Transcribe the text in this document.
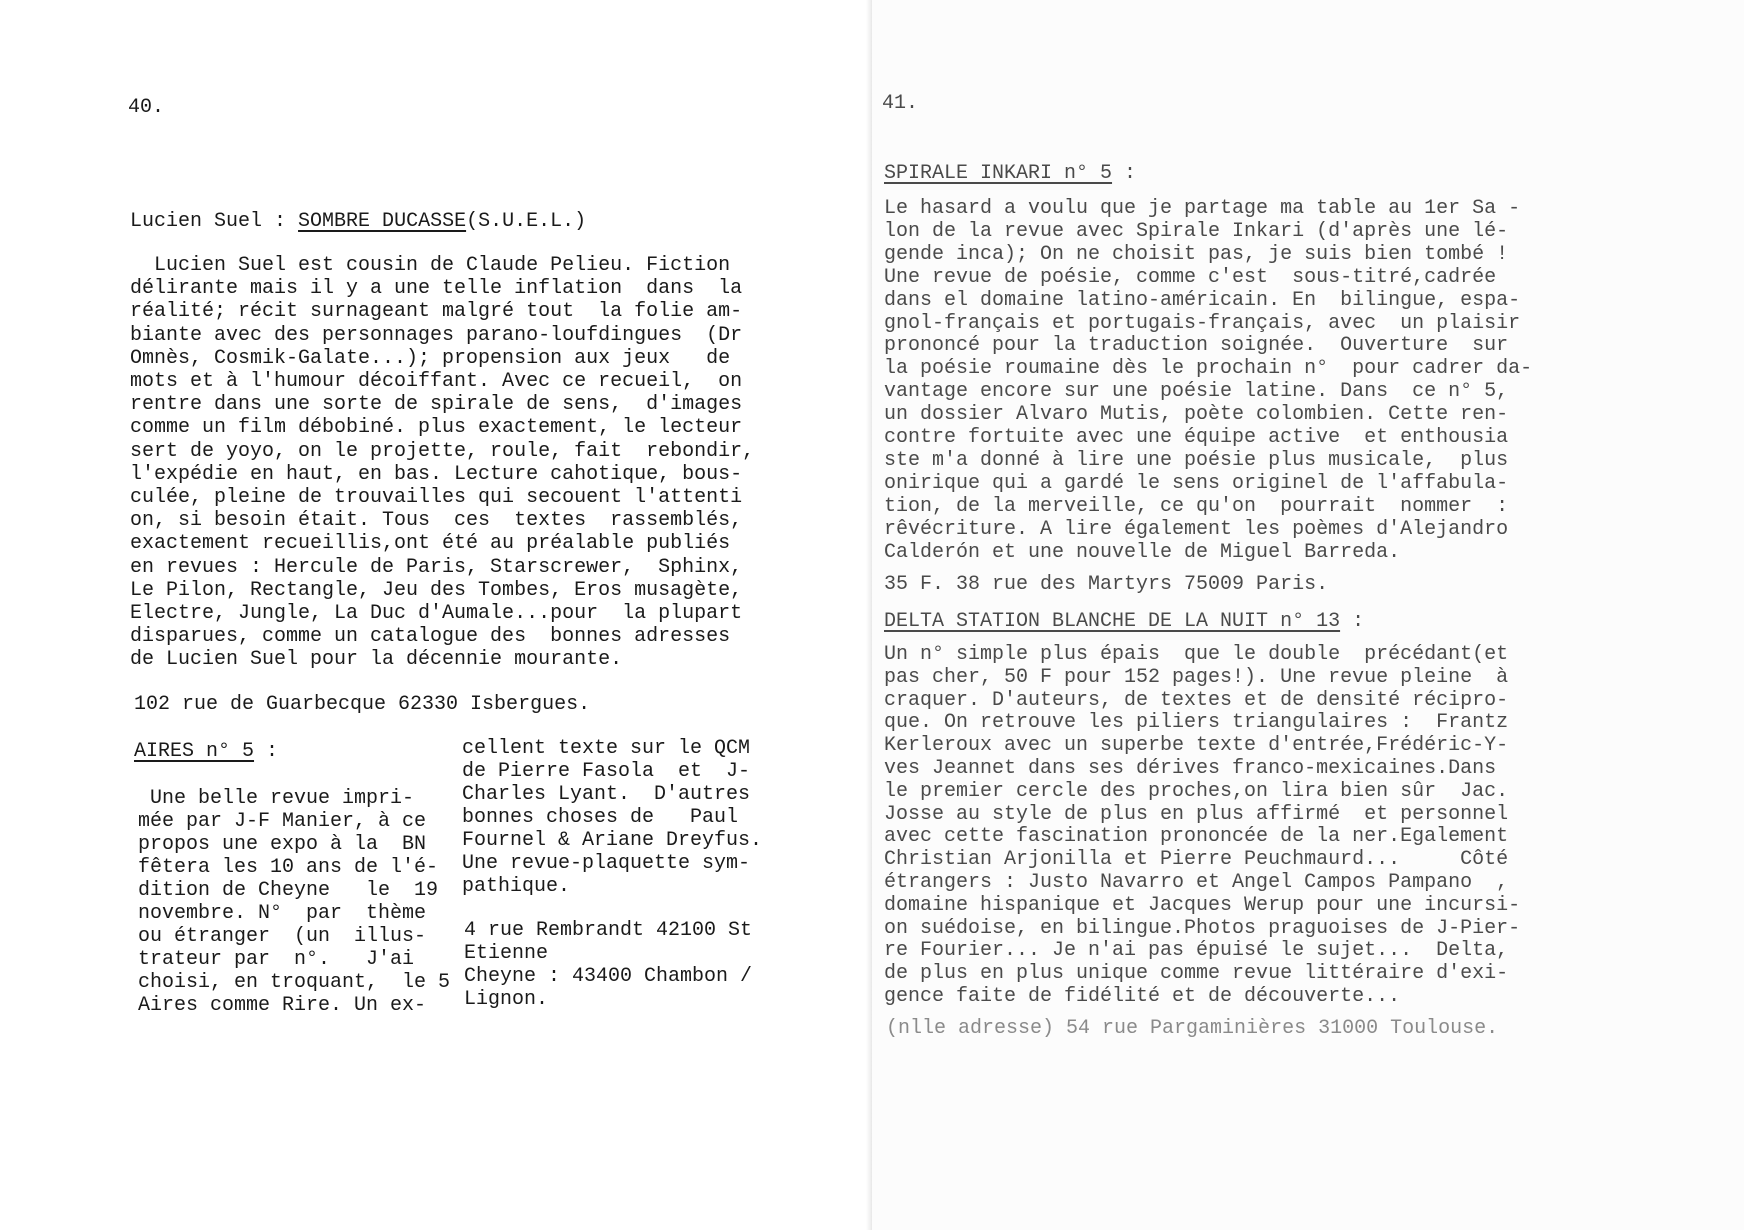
40.
Lucien Suel : SOMBRE DUCASSE(S.U.E.L.)
Lucien Suel est cousin de Claude Pelieu. Fiction
délirante mais il y a une telle inflation  dans  la
réalité; récit surnageant malgré tout  la folie am-
biante avec des personnages parano-loufdingues  (Dr
Omnès, Cosmik-Galate...); propension aux jeux   de
mots et à l'humour décoiffant. Avec ce recueil,  on
rentre dans une sorte de spirale de sens,  d'images
comme un film débobiné. plus exactement, le lecteur
sert de yoyo, on le projette, roule, fait  rebondir,
l'expédie en haut, en bas. Lecture cahotique, bous-
culée, pleine de trouvailles qui secouent l'attenti
on, si besoin était. Tous  ces  textes  rassemblés,
exactement recueillis,ont été au préalable publiés
en revues : Hercule de Paris, Starscrewer,  Sphinx,
Le Pilon, Rectangle, Jeu des Tombes, Eros musagète,
Electre, Jungle, La Duc d'Aumale...pour  la plupart
disparues, comme un catalogue des  bonnes adresses
de Lucien Suel pour la décennie mourante.
102 rue de Guarbecque 62330 Isbergues.
AIRES n° 5 :
Une belle revue impri-
mée par J-F Manier, à ce
propos une expo à la  BN
fêtera les 10 ans de l'é-
dition de Cheyne   le  19
novembre. N°  par  thème
ou étranger  (un  illus-
trateur par  n°.   J'ai
choisi, en troquant,  le 5
Aires comme Rire. Un ex-
cellent texte sur le QCM
de Pierre Fasola  et  J-
Charles Lyant.  D'autres
bonnes choses de   Paul
Fournel & Ariane Dreyfus.
Une revue-plaquette sym-
pathique.
4 rue Rembrandt 42100 St
Etienne
Cheyne : 43400 Chambon /
Lignon.
41.
SPIRALE INKARI n° 5 :
Le hasard a voulu que je partage ma table au 1er Sa -
lon de la revue avec Spirale Inkari (d'après une lé-
gende inca); On ne choisit pas, je suis bien tombé !
Une revue de poésie, comme c'est  sous-titré,cadrée
dans el domaine latino-américain. En  bilingue, espa-
gnol-français et portugais-français, avec  un plaisir
prononcé pour la traduction soignée.  Ouverture  sur
la poésie roumaine dès le prochain n°  pour cadrer da-
vantage encore sur une poésie latine. Dans  ce n° 5,
un dossier Alvaro Mutis, poète colombien. Cette ren-
contre fortuite avec une équipe active  et enthousia
ste m'a donné à lire une poésie plus musicale,  plus
onirique qui a gardé le sens originel de l'affabula-
tion, de la merveille, ce qu'on  pourrait  nommer  :
rêvécriture. A lire également les poèmes d'Alejandro
Calderón et une nouvelle de Miguel Barreda.
35 F. 38 rue des Martyrs 75009 Paris.
DELTA STATION BLANCHE DE LA NUIT n° 13 :
Un n° simple plus épais  que le double  précédant(et
pas cher, 50 F pour 152 pages!). Une revue pleine  à
craquer. D'auteurs, de textes et de densité récipro-
que. On retrouve les piliers triangulaires :  Frantz
Kerleroux avec un superbe texte d'entrée,Frédéric-Y-
ves Jeannet dans ses dérives franco-mexicaines.Dans
le premier cercle des proches,on lira bien sûr  Jac.
Josse au style de plus en plus affirmé  et personnel
avec cette fascination prononcée de la ner.Egalement
Christian Arjonilla et Pierre Peuchmaurd...     Côté
étrangers : Justo Navarro et Angel Campos Pampano  ,
domaine hispanique et Jacques Werup pour une incursi-
on suédoise, en bilingue.Photos praguoises de J-Pier-
re Fourier... Je n'ai pas épuisé le sujet...  Delta,
de plus en plus unique comme revue littéraire d'exi-
gence faite de fidélité et de découverte...
(nlle adresse) 54 rue Pargaminières 31000 Toulouse.
